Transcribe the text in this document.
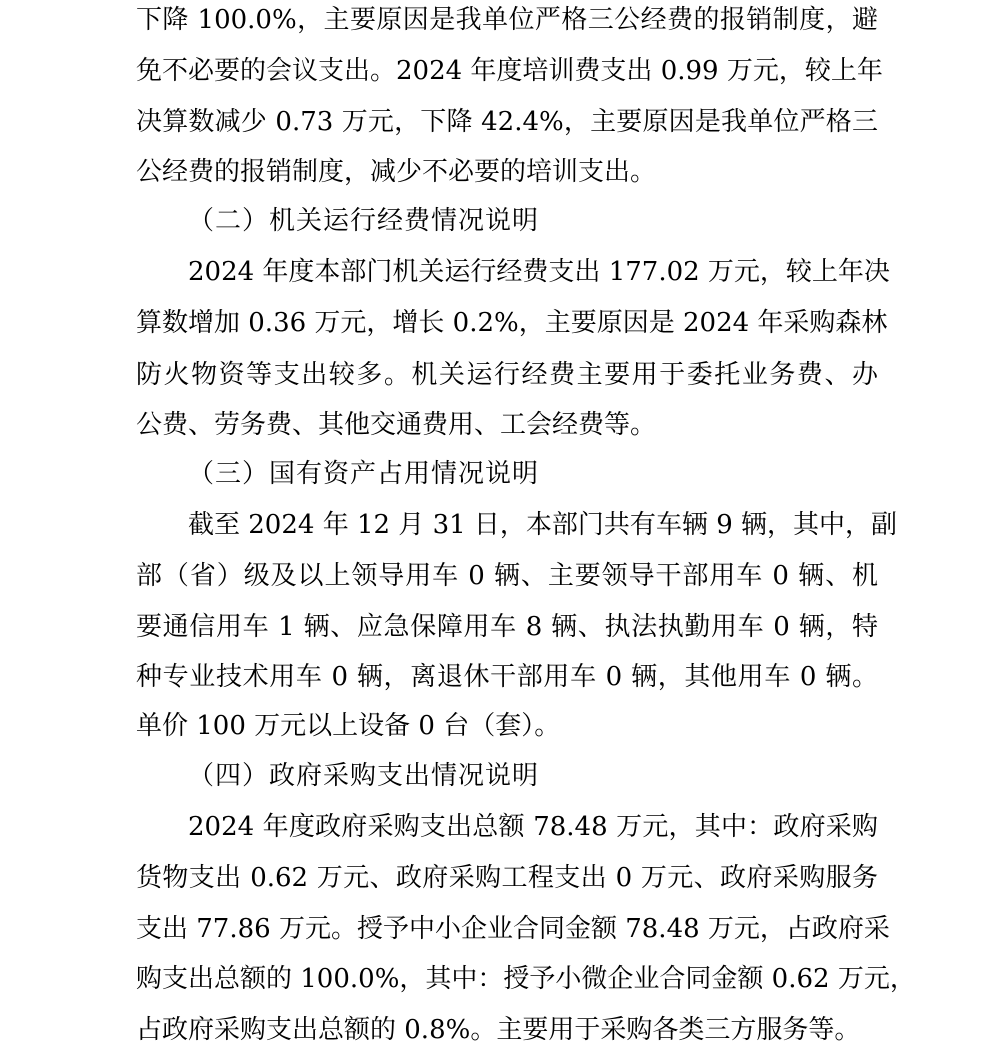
下降 100.0%，主要原因是我单位严格三公经费的报销制度，避
免不必要的会议支出。2024 年度培训费支出 0.99 万元，较上年
决算数减少 0.73 万元，下降 42.4%，主要原因是我单位严格三
公经费的报销制度，减少不必要的培训支出。
（二）机关运行经费情况说明
2024 年度本部门机关运行经费支出 177.02 万元，较上年决
算数增加 0.36 万元，增长 0.2%，主要原因是 2024 年采购森林
防火物资等支出较多。机关运行经费主要用于委托业务费、办
公费、劳务费、其他交通费用、工会经费等。
（三）国有资产占用情况说明
截至 2024 年 12 月 31 日，本部门共有车辆 9 辆，其中，副
部（省）级及以上领导用车 0 辆、主要领导干部用车 0 辆、机
要通信用车 1 辆、应急保障用车 8 辆、执法执勤用车 0 辆，特
种专业技术用车 0 辆，离退休干部用车 0 辆，其他用车 0 辆。
单价 100 万元以上设备 0 台（套）。
（四）政府采购支出情况说明
2024 年度政府采购支出总额 78.48 万元，其中：政府采购
货物支出 0.62 万元、政府采购工程支出 0 万元、政府采购服务
支出 77.86 万元。授予中小企业合同金额 78.48 万元，占政府采
购支出总额的 100.0%，其中：授予小微企业合同金额 0.62 万元，
占政府采购支出总额的 0.8%。主要用于采购各类三方服务等。
